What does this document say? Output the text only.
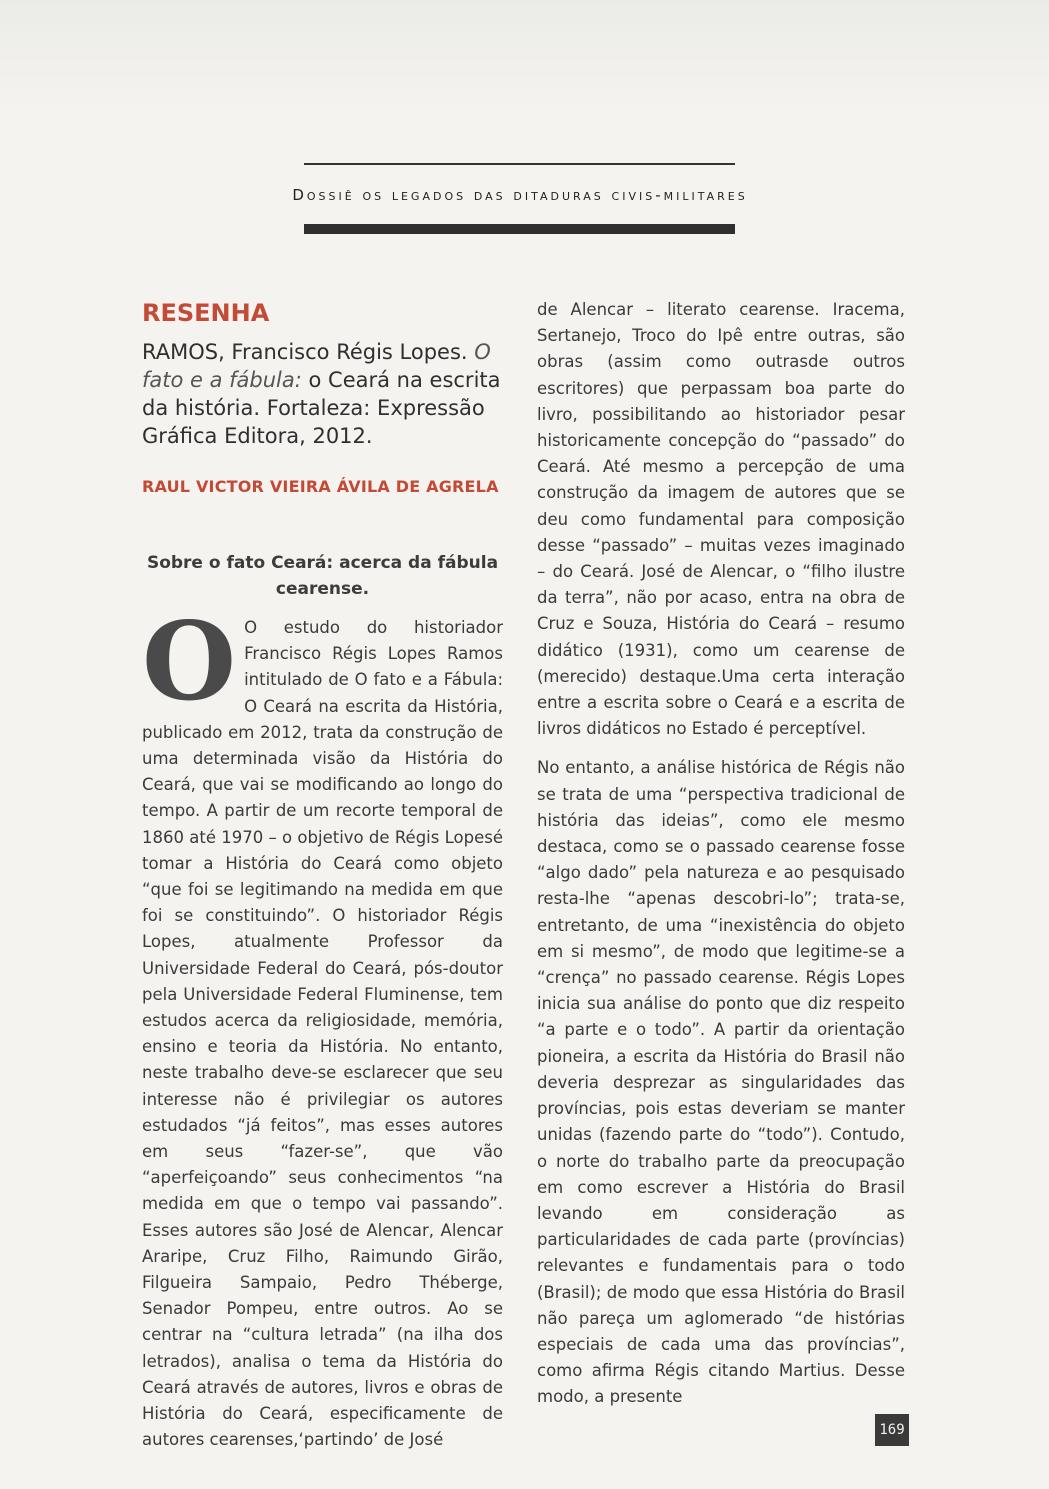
Dossiê os legados das ditaduras civis-militares
RESENHA

RAMOS, Francisco Régis Lopes. O fato e a fábula: o Ceará na escrita da história. Fortaleza: Expressão Gráfica Editora, 2012.

RAUL VICTOR VIEIRA ÁVILA DE AGRELA
Sobre o fato Ceará: acerca da fábula cearense.

O O estudo do historiador Francisco Régis Lopes Ramos intitulado de O fato e a Fábula: O Ceará na escrita da História, publicado em 2012, trata da construção de uma determinada visão da História do Ceará, que vai se modificando ao longo do tempo. A partir de um recorte temporal de 1860 até 1970 – o objetivo de Régis Lopesé tomar a História do Ceará como objeto “que foi se legitimando na medida em que foi se constituindo”. O historiador Régis Lopes, atualmente Professor da Universidade Federal do Ceará, pós-doutor pela Universidade Federal Fluminense, tem estudos acerca da religiosidade, memória, ensino e teoria da História. No entanto, neste trabalho deve-se esclarecer que seu interesse não é privilegiar os autores estudados “já feitos”, mas esses autores em seus “fazer-se”, que vão “aperfeiçoando” seus conhecimentos “na medida em que o tempo vai passando”. Esses autores são José de Alencar, Alencar Araripe, Cruz Filho, Raimundo Girão, Filgueira Sampaio, Pedro Théberge, Senador Pompeu, entre outros. Ao se centrar na “cultura letrada” (na ilha dos letrados), analisa o tema da História do Ceará através de autores, livros e obras de História do Ceará, especificamente de autores cearenses,‘partindo’ de José

de Alencar – literato cearense. Iracema, Sertanejo, Troco do Ipê entre outras, são obras (assim como outrasde outros escritores) que perpassam boa parte do livro, possibilitando ao historiador pesar historicamente concepção do “passado” do Ceará. Até mesmo a percepção de uma construção da imagem de autores que se deu como fundamental para composição desse “passado” – muitas vezes imaginado – do Ceará. José de Alencar, o “filho ilustre da terra”, não por acaso, entra na obra de Cruz e Souza, História do Ceará – resumo didático (1931), como um cearense de (merecido) destaque.Uma certa interação entre a escrita sobre o Ceará e a escrita de livros didáticos no Estado é perceptível.

No entanto, a análise histórica de Régis não se trata de uma “perspectiva tradicional de história das ideias”, como ele mesmo destaca, como se o passado cearense fosse “algo dado” pela natureza e ao pesquisado resta-lhe “apenas descobri-lo”; trata-se, entretanto, de uma “inexistência do objeto em si mesmo”, de modo que legitime-se a “crença” no passado cearense. Régis Lopes inicia sua análise do ponto que diz respeito “a parte e o todo”. A partir da orientação pioneira, a escrita da História do Brasil não deveria desprezar as singularidades das províncias, pois estas deveriam se manter unidas (fazendo parte do “todo”). Contudo, o norte do trabalho parte da preocupação em como escrever a História do Brasil levando em consideração as particularidades de cada parte (províncias) relevantes e fundamentais para o todo (Brasil); de modo que essa História do Brasil não pareça um aglomerado “de histórias especiais de cada uma das províncias”, como afirma Régis citando Martius. Desse modo, a presente

169
